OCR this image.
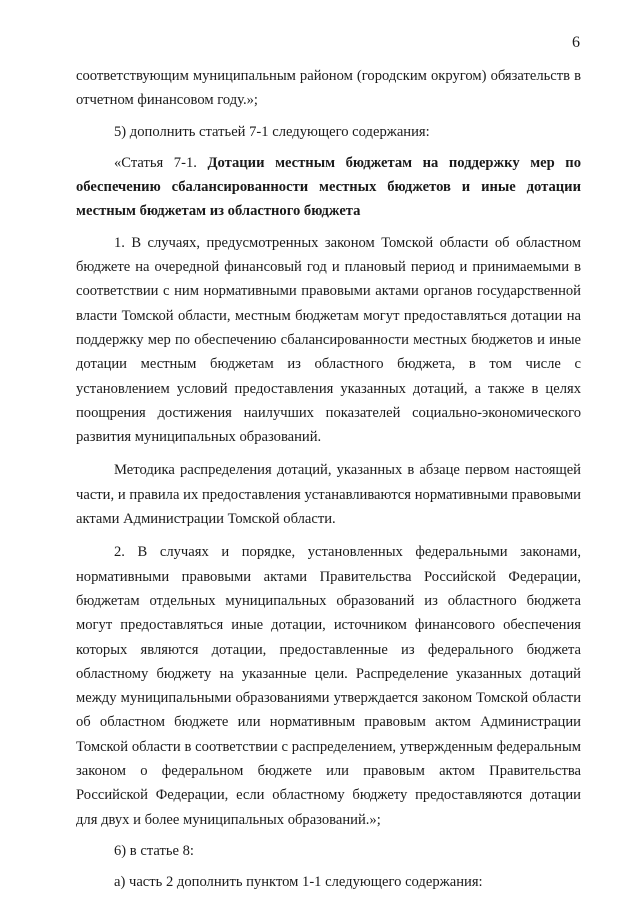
6

соответствующим муниципальным районом (городским округом) обязательств в отчетном финансовом году.»;

5) дополнить статьей 7-1 следующего содержания:

«Статья 7-1. Дотации местным бюджетам на поддержку мер по обеспечению сбалансированности местных бюджетов и иные дотации местным бюджетам из областного бюджета

1. В случаях, предусмотренных законом Томской области об областном бюджете на очередной финансовый год и плановый период и принимаемыми в соответствии с ним нормативными правовыми актами органов государственной власти Томской области, местным бюджетам могут предоставляться дотации на поддержку мер по обеспечению сбалансированности местных бюджетов и иные дотации местным бюджетам из областного бюджета, в том числе с установлением условий предоставления указанных дотаций, а также в целях поощрения достижения наилучших показателей социально-экономического развития муниципальных образований.

Методика распределения дотаций, указанных в абзаце первом настоящей части, и правила их предоставления устанавливаются нормативными правовыми актами Администрации Томской области.

2. В случаях и порядке, установленных федеральными законами, нормативными правовыми актами Правительства Российской Федерации, бюджетам отдельных муниципальных образований из областного бюджета могут предоставляться иные дотации, источником финансового обеспечения которых являются дотации, предоставленные из федерального бюджета областному бюджету на указанные цели. Распределение указанных дотаций между муниципальными образованиями утверждается законом Томской области об областном бюджете или нормативным правовым актом Администрации Томской области в соответствии с распределением, утвержденным федеральным законом о федеральном бюджете или правовым актом Правительства Российской Федерации, если областному бюджету предоставляются дотации для двух и более муниципальных образований.»;

6) в статье 8:

а) часть 2 дополнить пунктом 1-1 следующего содержания:
